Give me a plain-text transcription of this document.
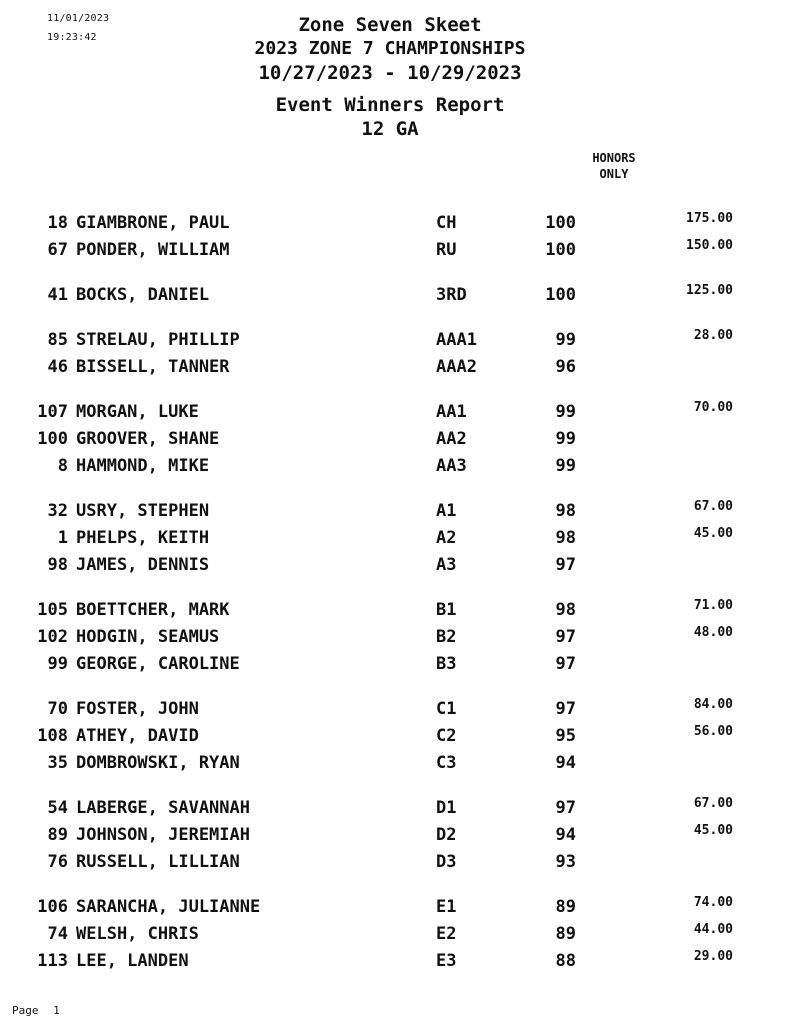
11/01/2023
19:23:42
Zone Seven Skeet
2023 ZONE 7 CHAMPIONSHIPS
10/27/2023 - 10/29/2023
Event Winners Report
12 GA
HONORS
ONLY
18 GIAMBRONE, PAUL	CH	100	175.00
67 PONDER, WILLIAM	RU	100	150.00
41 BOCKS, DANIEL	3RD	100	125.00
85 STRELAU, PHILLIP	AAA1	99	28.00
46 BISSELL, TANNER	AAA2	96
107 MORGAN, LUKE	AA1	99	70.00
100 GROOVER, SHANE	AA2	99
8 HAMMOND, MIKE	AA3	99
32 USRY, STEPHEN	A1	98	67.00
1 PHELPS, KEITH	A2	98	45.00
98 JAMES, DENNIS	A3	97
105 BOETTCHER, MARK	B1	98	71.00
102 HODGIN, SEAMUS	B2	97	48.00
99 GEORGE, CAROLINE	B3	97
70 FOSTER, JOHN	C1	97	84.00
108 ATHEY, DAVID	C2	95	56.00
35 DOMBROWSKI, RYAN	C3	94
54 LABERGE, SAVANNAH	D1	97	67.00
89 JOHNSON, JEREMIAH	D2	94	45.00
76 RUSSELL, LILLIAN	D3	93
106 SARANCHA, JULIANNE	E1	89	74.00
74 WELSH, CHRIS	E2	89	44.00
113 LEE, LANDEN	E3	88	29.00
Page 1
